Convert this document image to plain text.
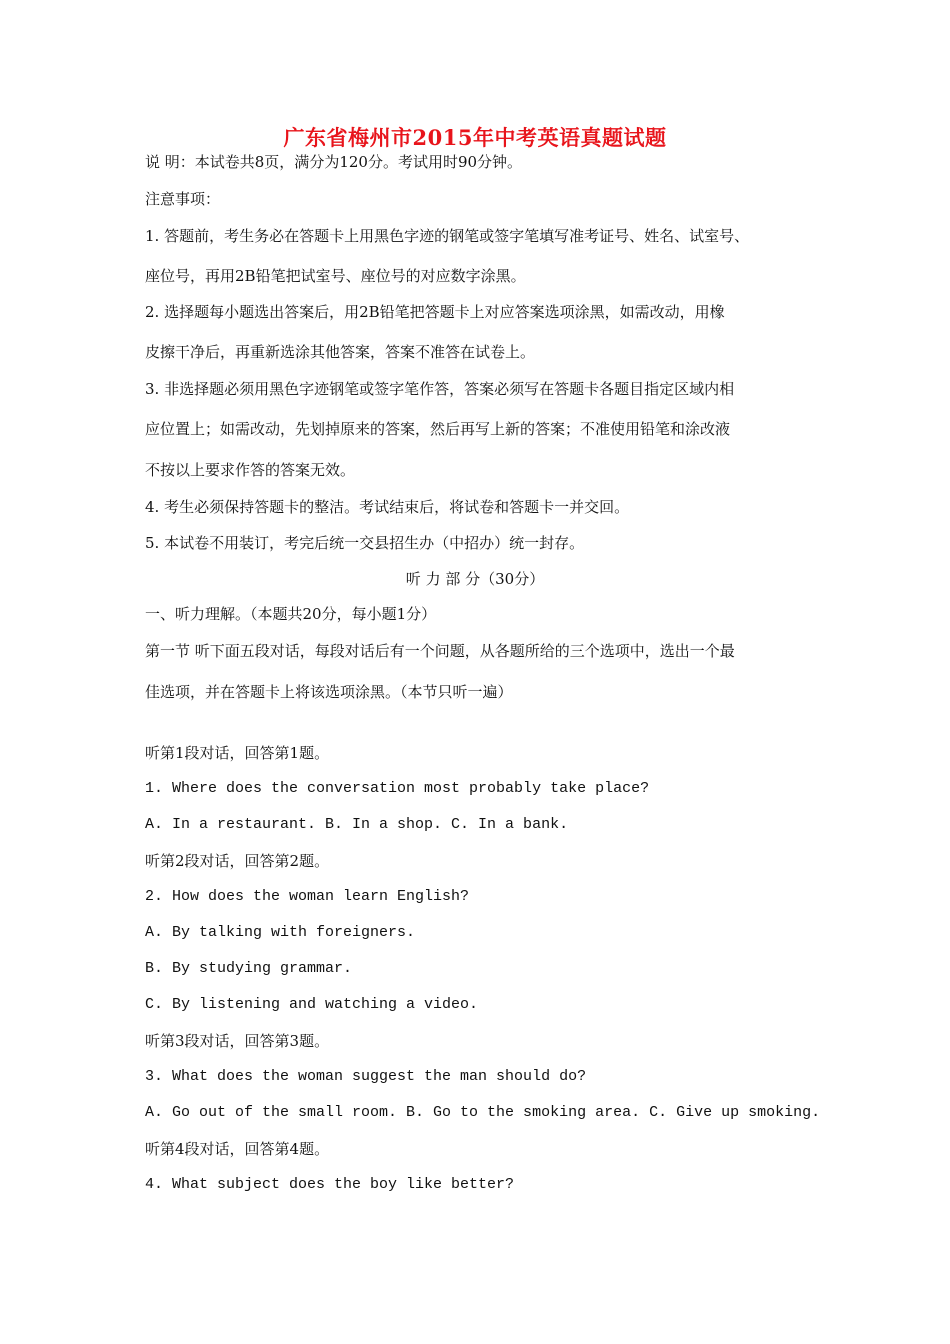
广东省梅州市2015年中考英语真题试题
说 明：本试卷共8页，满分为120分。考试用时90分钟。
注意事项：
1. 答题前，考生务必在答题卡上用黑色字迹的钢笔或签字笔填写准考证号、姓名、试室号、
座位号，再用2B铅笔把试室号、座位号的对应数字涂黑。
2. 选择题每小题选出答案后，用2B铅笔把答题卡上对应答案选项涂黑，如需改动，用橡
皮擦干净后，再重新选涂其他答案，答案不准答在试卷上。
3. 非选择题必须用黑色字迹钢笔或签字笔作答，答案必须写在答题卡各题目指定区域内相
应位置上；如需改动，先划掉原来的答案，然后再写上新的答案；不准使用铅笔和涂改液
不按以上要求作答的答案无效。
4. 考生必须保持答题卡的整洁。考试结束后，将试卷和答题卡一并交回。
5. 本试卷不用装订，考完后统一交县招生办（中招办）统一封存。
听 力 部 分（30分）
一、听力理解。（本题共20分，每小题1分）
第一节 听下面五段对话，每段对话后有一个问题，从各题所给的三个选项中，选出一个最
佳选项，并在答题卡上将该选项涂黑。（本节只听一遍）
听第1段对话，回答第1题。
1. Where does the conversation most probably take place?
A. In a restaurant. B. In a shop. C. In a bank.
听第2段对话，回答第2题。
2. How does the woman learn English?
A. By talking with foreigners.
B. By studying grammar.
C. By listening and watching a video.
听第3段对话，回答第3题。
3. What does the woman suggest the man should do?
A. Go out of the small room. B. Go to the smoking area. C. Give up smoking.
听第4段对话，回答第4题。
4. What subject does the boy like better?
